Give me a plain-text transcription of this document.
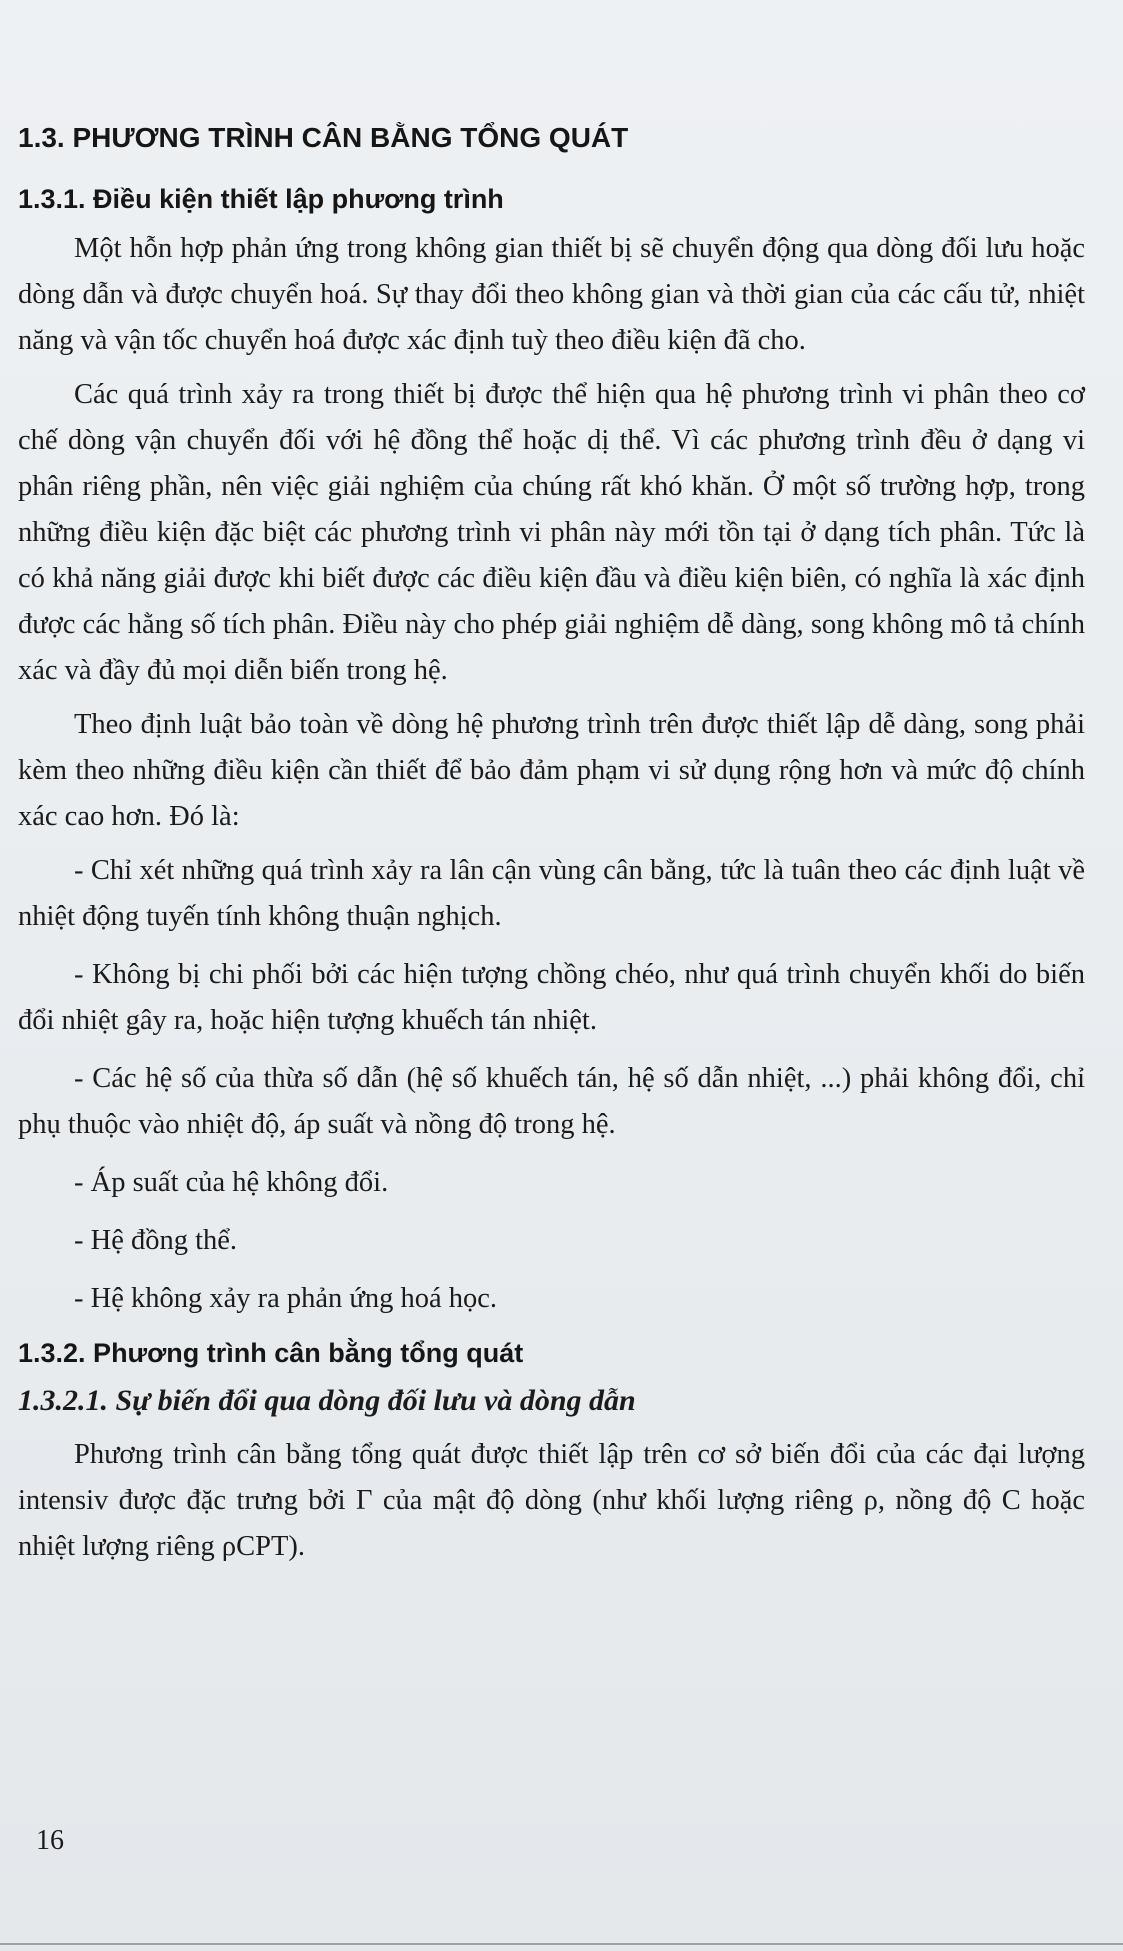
1.3. PHƯƠNG TRÌNH CÂN BẰNG TỔNG QUÁT
1.3.1. Điều kiện thiết lập phương trình

Một hỗn hợp phản ứng trong không gian thiết bị sẽ chuyển động qua dòng đối lưu hoặc dòng dẫn và được chuyển hoá. Sự thay đổi theo không gian và thời gian của các cấu tử, nhiệt năng và vận tốc chuyển hoá được xác định tuỳ theo điều kiện đã cho.

Các quá trình xảy ra trong thiết bị được thể hiện qua hệ phương trình vi phân theo cơ chế dòng vận chuyển đối với hệ đồng thể hoặc dị thể. Vì các phương trình đều ở dạng vi phân riêng phần, nên việc giải nghiệm của chúng rất khó khăn. Ở một số trường hợp, trong những điều kiện đặc biệt các phương trình vi phân này mới tồn tại ở dạng tích phân. Tức là có khả năng giải được khi biết được các điều kiện đầu và điều kiện biên, có nghĩa là xác định được các hằng số tích phân. Điều này cho phép giải nghiệm dễ dàng, song không mô tả chính xác và đầy đủ mọi diễn biến trong hệ.

Theo định luật bảo toàn về dòng hệ phương trình trên được thiết lập dễ dàng, song phải kèm theo những điều kiện cần thiết để bảo đảm phạm vi sử dụng rộng hơn và mức độ chính xác cao hơn. Đó là:

- Chỉ xét những quá trình xảy ra lân cận vùng cân bằng, tức là tuân theo các định luật về nhiệt động tuyến tính không thuận nghịch.

- Không bị chi phối bởi các hiện tượng chồng chéo, như quá trình chuyển khối do biến đổi nhiệt gây ra, hoặc hiện tượng khuếch tán nhiệt.

- Các hệ số của thừa số dẫn (hệ số khuếch tán, hệ số dẫn nhiệt, ...) phải không đổi, chỉ phụ thuộc vào nhiệt độ, áp suất và nồng độ trong hệ.

- Áp suất của hệ không đổi.

- Hệ đồng thể.

- Hệ không xảy ra phản ứng hoá học.

1.3.2. Phương trình cân bằng tổng quát
1.3.2.1. Sự biến đổi qua dòng đối lưu và dòng dẫn

Phương trình cân bằng tổng quát được thiết lập trên cơ sở biến đổi của các đại lượng intensiv được đặc trưng bởi Γ của mật độ dòng (như khối lượng riêng ρ, nồng độ C hoặc nhiệt lượng riêng ρCPT).

16
